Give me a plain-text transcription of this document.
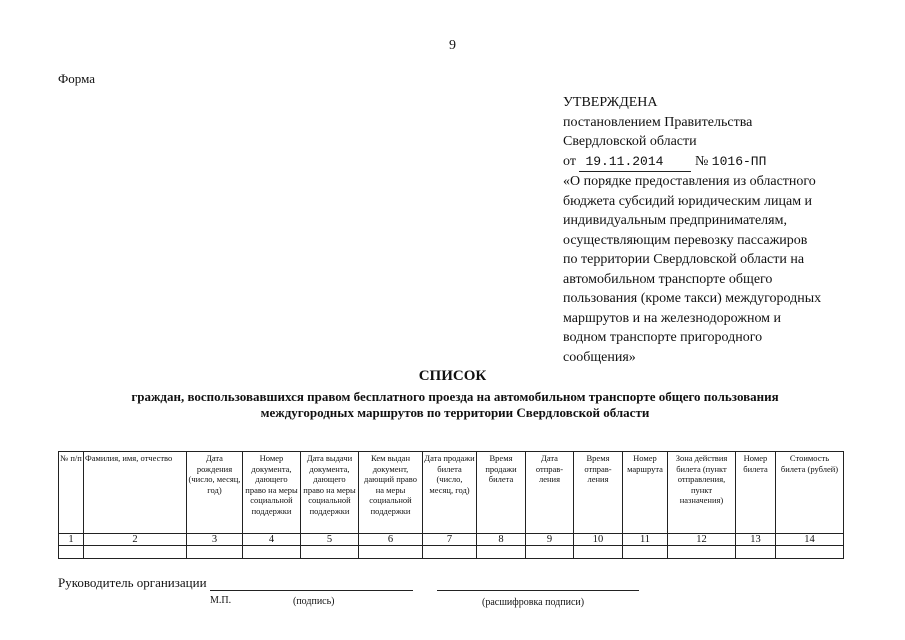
9
Форма
УТВЕРЖДЕНА
постановлением Правительства
Свердловской области
от 19.11.2014 № 1016-ПП
«О порядке предоставления из областного
бюджета субсидий юридическим лицам и
индивидуальным предпринимателям,
осуществляющим перевозку пассажиров
по территории Свердловской области на
автомобильном транспорте общего
пользования (кроме такси) междугородных
маршрутов и на железнодорожном и
водном транспорте пригородного
сообщения»
СПИСОК
граждан, воспользовавшихся правом бесплатного проезда на автомобильном транспорте общего пользования
междугородных маршрутов по территории Свердловской области
№ п/п	Фамилия, имя, отчество	Дата рождения (число, месяц, год)	Номер документа, дающего право на меры социальной поддержки	Дата выдачи документа, дающего право на меры социальной поддержки	Кем выдан документ, дающий право на меры социальной поддержки	Дата продажи билета (число, месяц, год)	Время продажи билета	Дата отправ-ления	Время отправ-ления	Номер маршрута	Зона действия билета (пункт отправления, пункт назначения)	Номер билета	Стоимость билета (рублей)
1	2	3	4	5	6	7	8	9	10	11	12	13	14

Руководитель организации
М.П.	(подпись)	(расшифровка подписи)
